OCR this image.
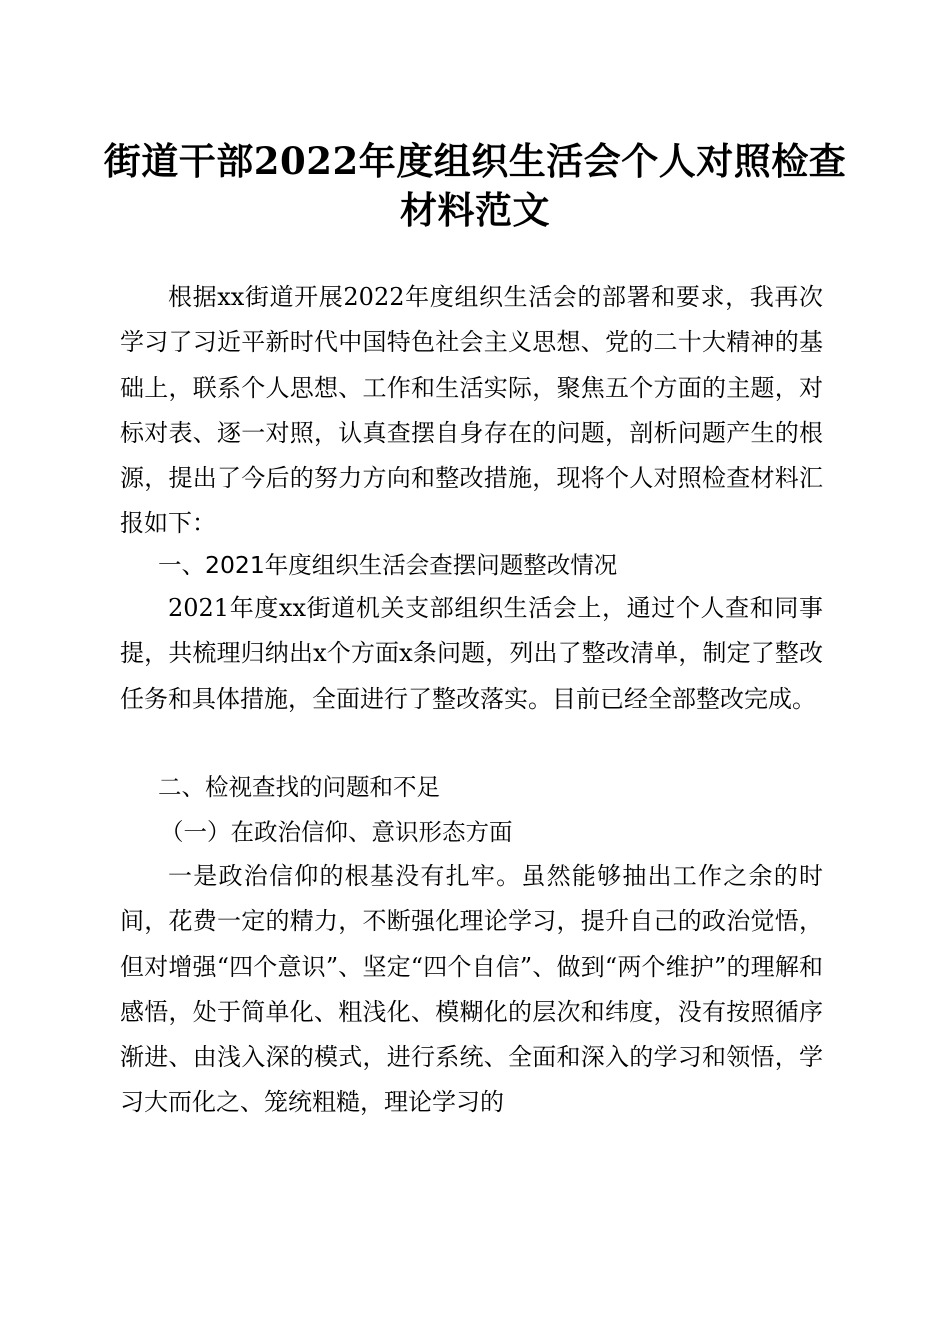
街道干部2022年度组织生活会个人对照检查
材料范文

根据xx街道开展2022年度组织生活会的部署和要求，我再次学习了习近平新时代中国特色社会主义思想、党的二十大精神的基础上，联系个人思想、工作和生活实际，聚焦五个方面的主题，对标对表、逐一对照，认真查摆自身存在的问题，剖析问题产生的根源，提出了今后的努力方向和整改措施，现将个人对照检查材料汇报如下：

一、2021年度组织生活会查摆问题整改情况

2021年度xx街道机关支部组织生活会上，通过个人查和同事提，共梳理归纳出x个方面x条问题，列出了整改清单，制定了整改任务和具体措施，全面进行了整改落实。目前已经全部整改完成。

二、检视查找的问题和不足

（一）在政治信仰、意识形态方面

一是政治信仰的根基没有扎牢。虽然能够抽出工作之余的时间，花费一定的精力，不断强化理论学习，提升自己的政治觉悟，但对增强“四个意识”、坚定“四个自信”、做到“两个维护”的理解和感悟，处于简单化、粗浅化、模糊化的层次和纬度，没有按照循序渐进、由浅入深的模式，进行系统、全面和深入的学习和领悟，学习大而化之、笼统粗糙，理论学习的
